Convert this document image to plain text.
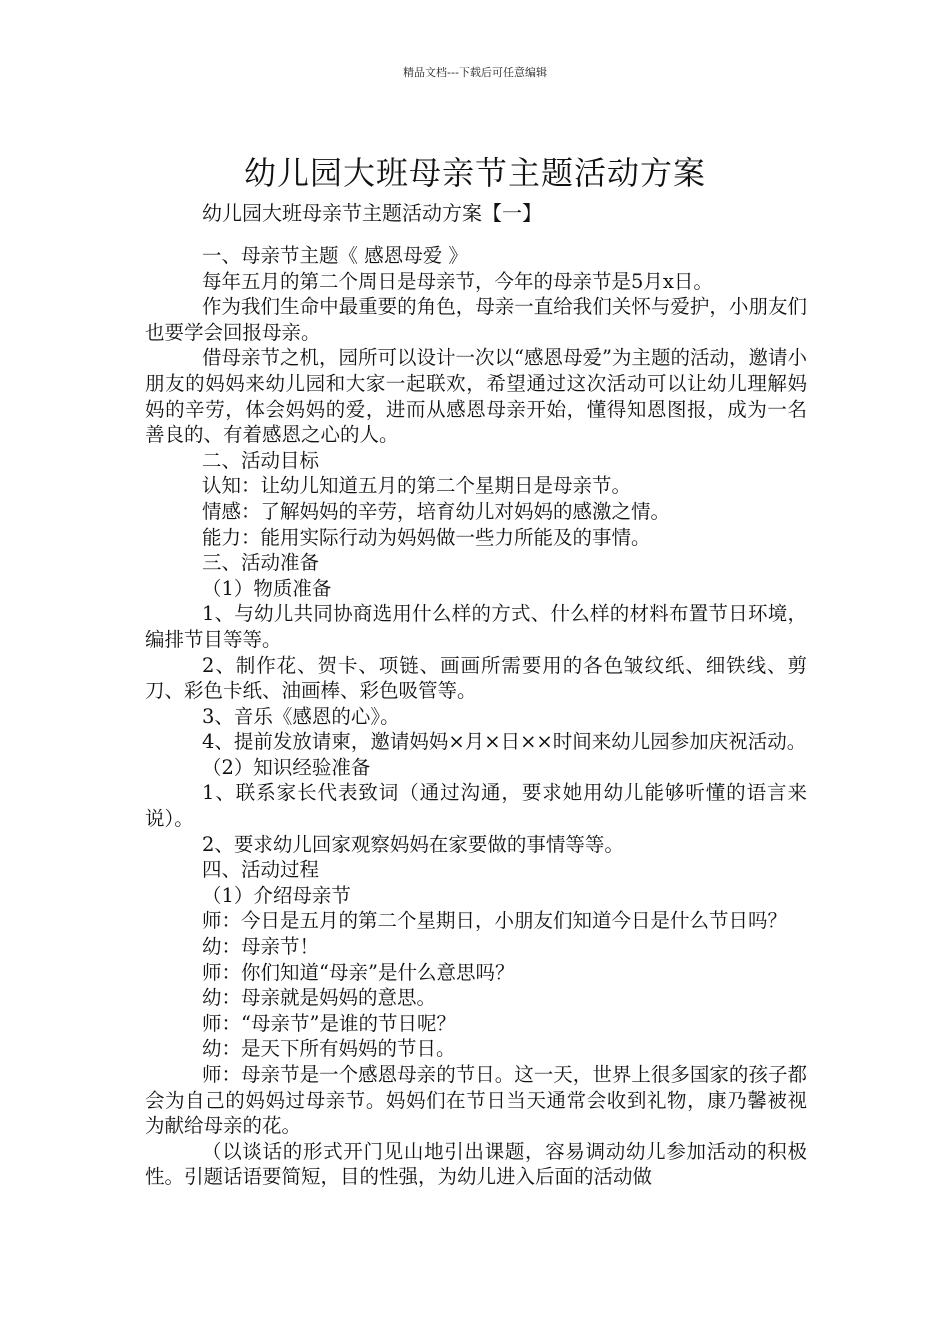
精品文档---下载后可任意编辑
幼儿园大班母亲节主题活动方案
幼儿园大班母亲节主题活动方案【一】

一、母亲节主题《 感恩母爱 》

每年五月的第二个周日是母亲节，今年的母亲节是5月x日。

作为我们生命中最重要的角色，母亲一直给我们关怀与爱护，小朋友们也要学会回报母亲。

借母亲节之机，园所可以设计一次以“感恩母爱”为主题的活动，邀请小朋友的妈妈来幼儿园和大家一起联欢，希望通过这次活动可以让幼儿理解妈妈的辛劳，体会妈妈的爱，进而从感恩母亲开始，懂得知恩图报，成为一名善良的、有着感恩之心的人。

二、活动目标

认知：让幼儿知道五月的第二个星期日是母亲节。

情感：了解妈妈的辛劳，培育幼儿对妈妈的感激之情。

能力：能用实际行动为妈妈做一些力所能及的事情。

三、活动准备

（1）物质准备

1、与幼儿共同协商选用什么样的方式、什么样的材料布置节日环境，编排节目等等。

2、制作花、贺卡、项链、画画所需要用的各色皱纹纸、细铁线、剪刀、彩色卡纸、油画棒、彩色吸管等。

3、音乐《感恩的心》。

4、提前发放请柬，邀请妈妈×月×日××时间来幼儿园参加庆祝活动。

（2）知识经验准备

1、联系家长代表致词（通过沟通，要求她用幼儿能够听懂的语言来说）。

2、要求幼儿回家观察妈妈在家要做的事情等等。

四、活动过程

（1）介绍母亲节

师：今日是五月的第二个星期日，小朋友们知道今日是什么节日吗？

幼：母亲节！

师：你们知道“母亲”是什么意思吗？

幼：母亲就是妈妈的意思。

师：“母亲节”是谁的节日呢？

幼：是天下所有妈妈的节日。

师：母亲节是一个感恩母亲的节日。这一天，世界上很多国家的孩子都会为自己的妈妈过母亲节。妈妈们在节日当天通常会收到礼物，康乃馨被视为献给母亲的花。

（以谈话的形式开门见山地引出课题，容易调动幼儿参加活动的积极性。引题话语要简短，目的性强，为幼儿进入后面的活动做
